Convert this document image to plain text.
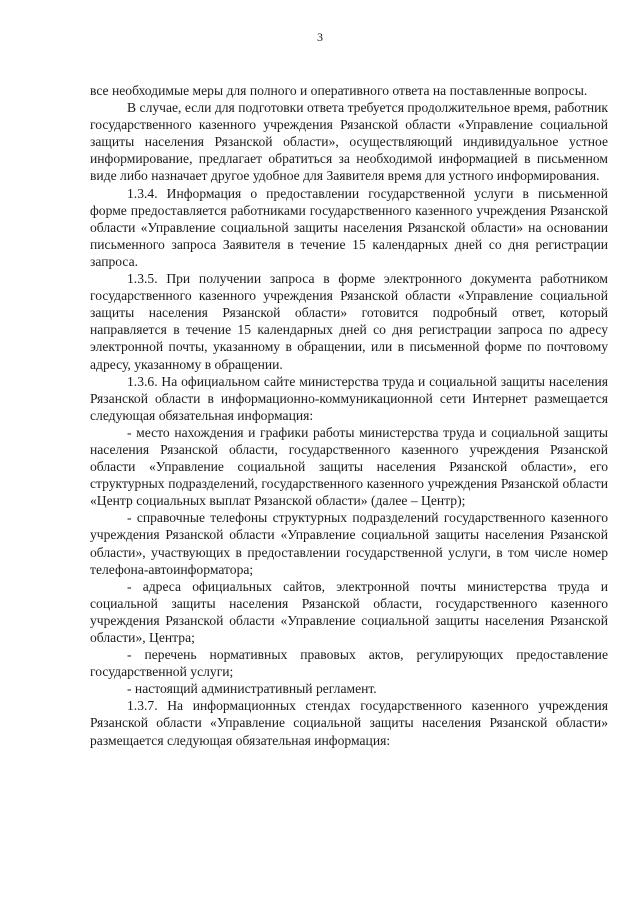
3

все необходимые меры для полного и оперативного ответа на поставленные вопросы.

В случае, если для подготовки ответа требуется продолжительное время, работник государственного казенного учреждения Рязанской области «Управление социальной защиты населения Рязанской области», осуществляющий индивидуальное устное информирование, предлагает обратиться за необходимой информацией в письменном виде либо назначает другое удобное для Заявителя время для устного информирования.

1.3.4. Информация о предоставлении государственной услуги в письменной форме предоставляется работниками государственного казенного учреждения Рязанской области «Управление социальной защиты населения Рязанской области» на основании письменного запроса Заявителя в течение 15 календарных дней со дня регистрации запроса.

1.3.5. При получении запроса в форме электронного документа работником государственного казенного учреждения Рязанской области «Управление социальной защиты населения Рязанской области» готовится подробный ответ, который направляется в течение 15 календарных дней со дня регистрации запроса по адресу электронной почты, указанному в обращении, или в письменной форме по почтовому адресу, указанному в обращении.

1.3.6. На официальном сайте министерства труда и социальной защиты населения Рязанской области в информационно-коммуникационной сети Интернет размещается следующая обязательная информация:

- место нахождения и графики работы министерства труда и социальной защиты населения Рязанской области, государственного казенного учреждения Рязанской области «Управление социальной защиты населения Рязанской области», его структурных подразделений, государственного казенного учреждения Рязанской области «Центр социальных выплат Рязанской области» (далее – Центр);

- справочные телефоны структурных подразделений государственного казенного учреждения Рязанской области «Управление социальной защиты населения Рязанской области», участвующих в предоставлении государственной услуги, в том числе номер телефона-автоинформатора;

- адреса официальных сайтов, электронной почты министерства труда и социальной защиты населения Рязанской области, государственного казенного учреждения Рязанской области «Управление социальной защиты населения Рязанской области», Центра;

- перечень нормативных правовых актов, регулирующих предоставление государственной услуги;

- настоящий административный регламент.

1.3.7. На информационных стендах государственного казенного учреждения Рязанской области «Управление социальной защиты населения Рязанской области» размещается следующая обязательная информация:
